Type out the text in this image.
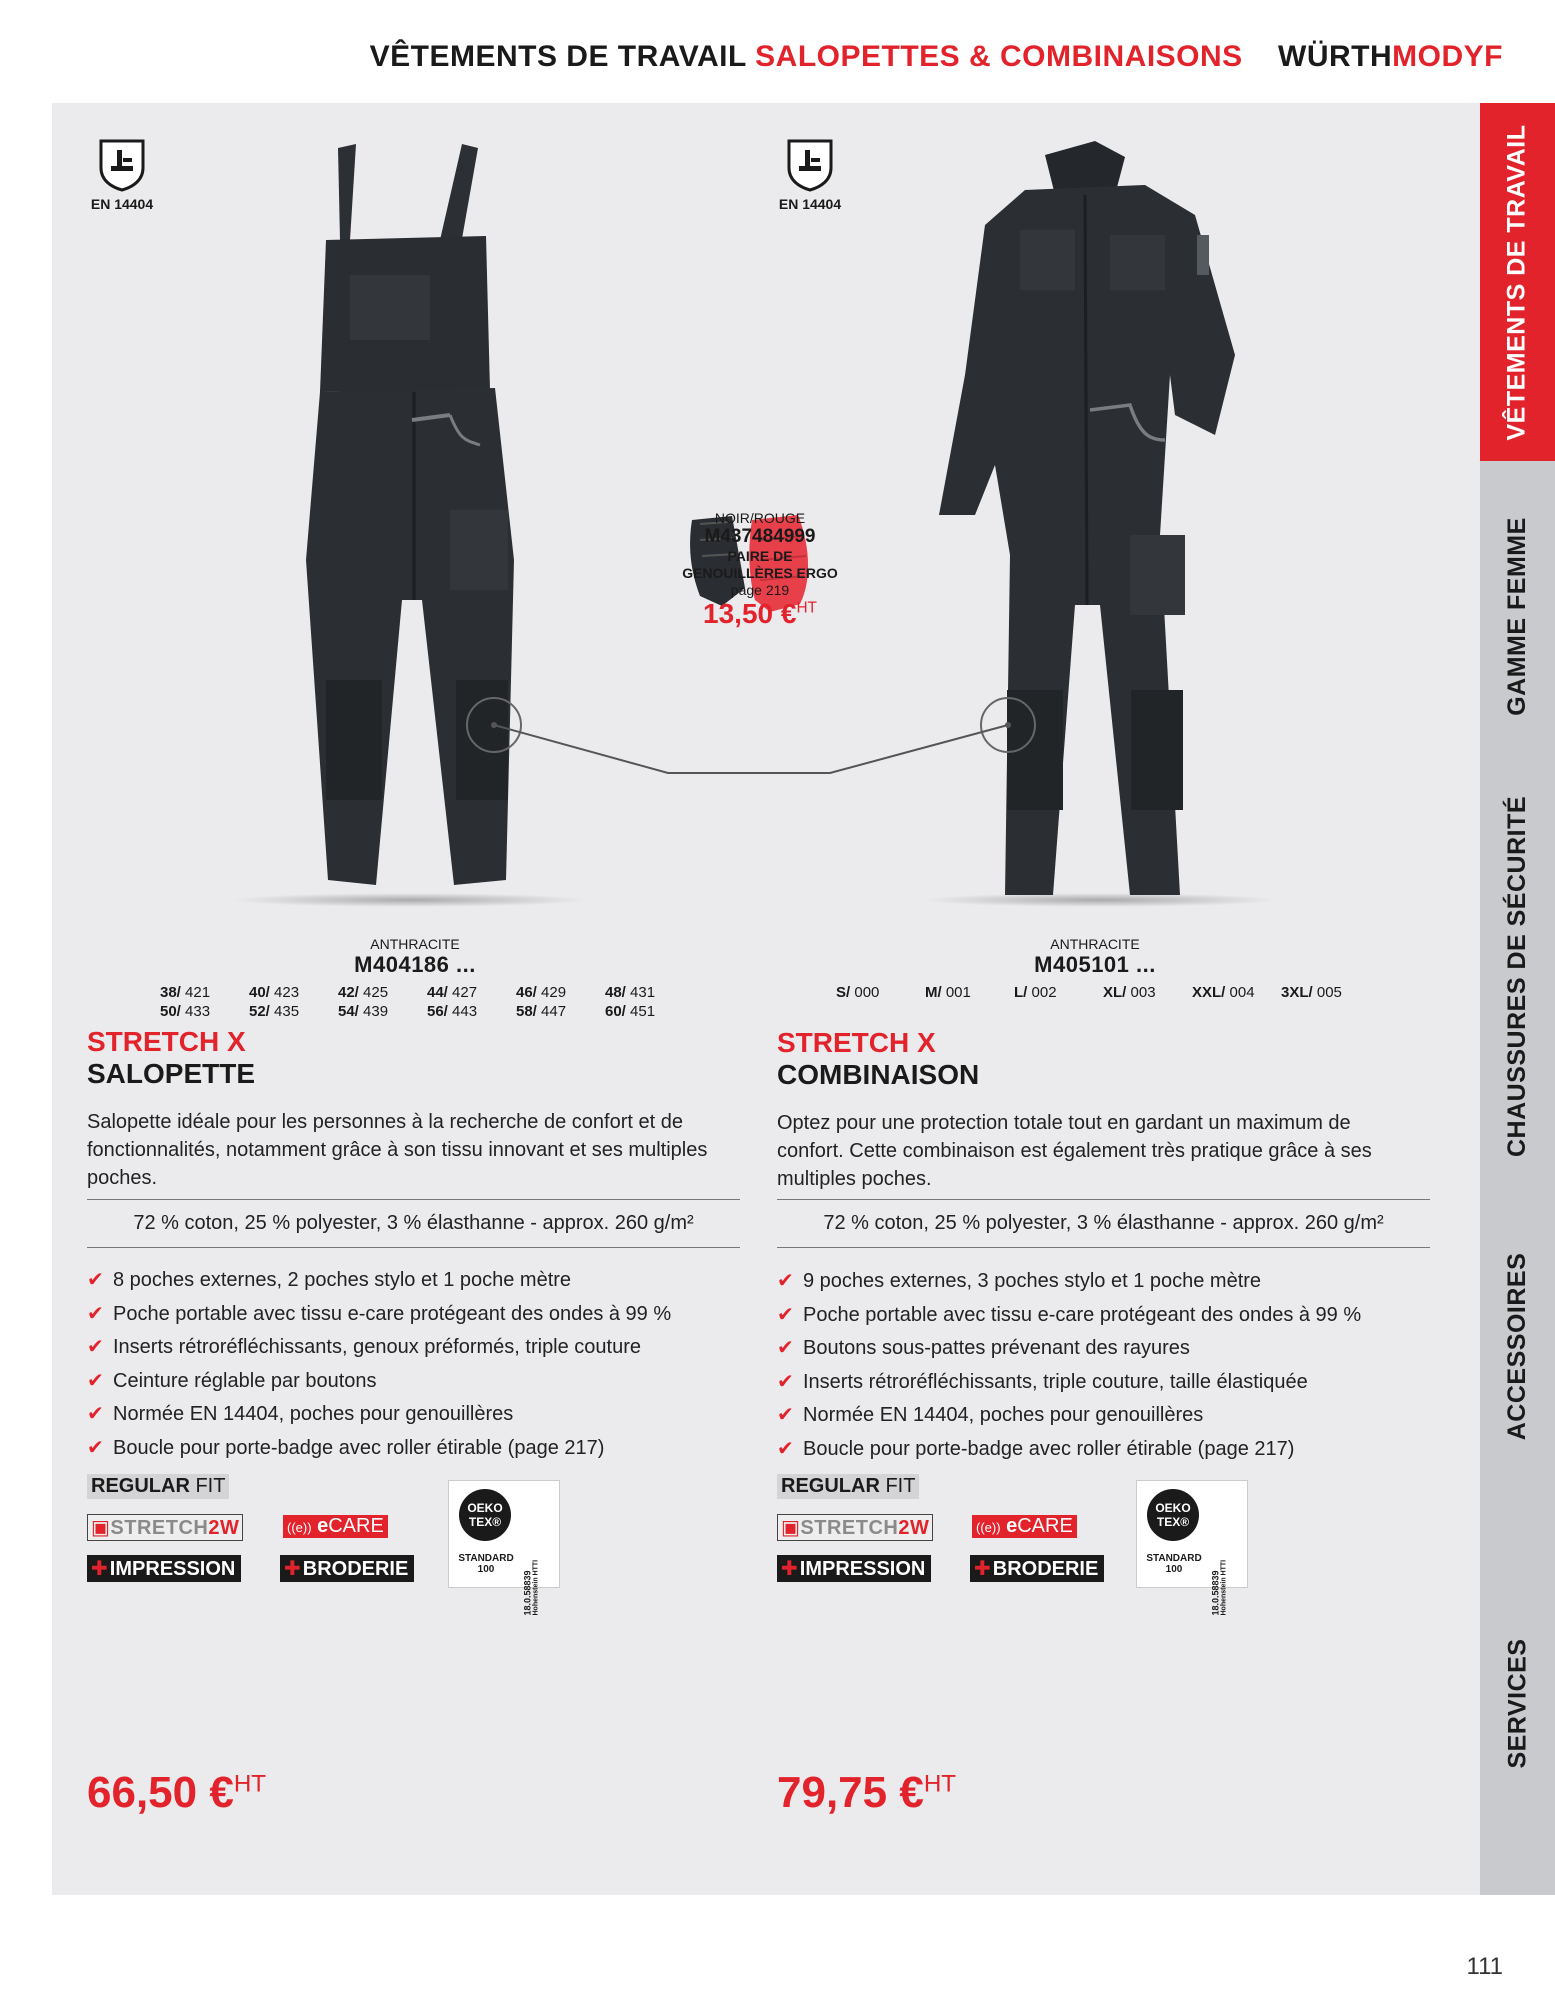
VÊTEMENTS DE TRAVAIL SALOPETTES & COMBINAISONS WÜRTHMODYF
VÊTEMENTS DE TRAVAIL
GAMME FEMME
CHAUSSURES DE SÉCURITÉ
ACCESSOIRES
SERVICES
EN 14404	EN 14404
NOIR/ROUGE
M437484999
PAIRE DE
GENOUILLÈRES ERGO
page 219
13,50 €$^{HT}$
ANTHRACITE
M404186 ...
38/ 421	40/ 423	42/ 425	44/ 427	46/ 429	48/ 431
50/ 433	52/ 435	54/ 439	56/ 443	58/ 447	60/ 451
ANTHRACITE
M405101 ...
S/ 000	M/ 001	L/ 002	XL/ 003	XXL/ 004	3XL/ 005
STRETCH X
SALOPETTE
Salopette idéale pour les personnes à la recherche de confort et de fonctionnalités, notamment grâce à son tissu innovant et ses multiples poches.
72 % coton, 25 % polyester, 3 % élasthanne - approx. 260 g/m²
✔ 8 poches externes, 2 poches stylo et 1 poche mètre
✔ Poche portable avec tissu e-care protégeant des ondes à 99 %
✔ Inserts rétroréfléchissants, genoux préformés, triple couture
✔ Ceinture réglable par boutons
✔ Normée EN 14404, poches pour genouillères
✔ Boucle pour porte-badge avec roller étirable (page 217)
STRETCH X
COMBINAISON
Optez pour une protection totale tout en gardant un maximum de confort. Cette combinaison est également très pratique grâce à ses multiples poches.
72 % coton, 25 % polyester, 3 % élasthanne - approx. 260 g/m²
✔ 9 poches externes, 3 poches stylo et 1 poche mètre
✔ Poche portable avec tissu e-care protégeant des ondes à 99 %
✔ Boutons sous-pattes prévenant des rayures
✔ Inserts rétroréfléchissants, triple couture, taille élastiquée
✔ Normée EN 14404, poches pour genouillères
✔ Boucle pour porte-badge avec roller étirable (page 217)
REGULAR FIT
▣STRETCH2W	((e)) eCARE
✚ IMPRESSION	✚ BRODERIE
OEKO
TEX®
STANDARD
100	Hohenstein HTTI
REGULAR FIT
▣STRETCH2W	((e)) eCARE
✚ IMPRESSION	✚ BRODERIE
OEKO
TEX®
STANDARD
100	Hohenstein HTTI
66,50 €$^{HT}$	79,75 €$^{HT}$
111
